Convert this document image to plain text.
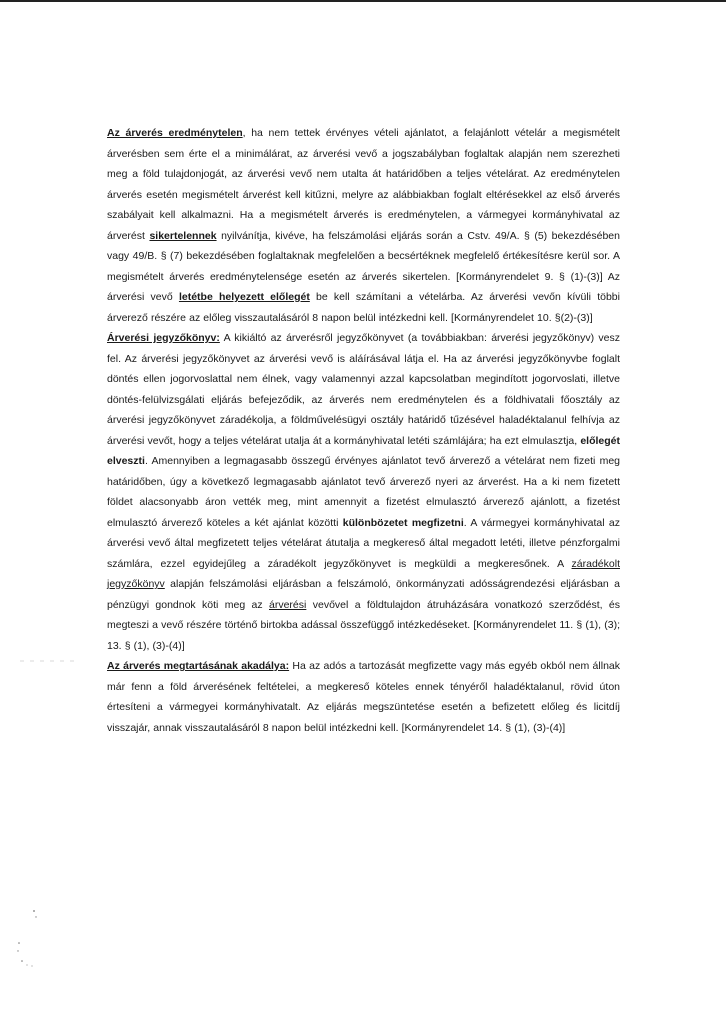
Az árverés eredménytelen, ha nem tettek érvényes vételi ajánlatot, a felajánlott vételár a megismételt árverésben sem érte el a minimálárat, az árverési vevő a jogszabályban foglaltak alapján nem szerezheti meg a föld tulajdonjogát, az árverési vevő nem utalta át határidőben a teljes vételárat. Az eredménytelen árverés esetén megismételt árverést kell kitűzni, melyre az alábbiakban foglalt eltérésekkel az első árverés szabályait kell alkalmazni. Ha a megismételt árverés is eredménytelen, a vármegyei kormányhivatal az árverést sikertelennek nyilvánítja, kivéve, ha felszámolási eljárás során a Cstv. 49/A. § (5) bekezdésében vagy 49/B. § (7) bekezdésében foglaltaknak megfelelően a becsértéknek megfelelő értékesítésre kerül sor. A megismételt árverés eredménytelensége esetén az árverés sikertelen. [Kormányrendelet 9. § (1)-(3)] Az árverési vevő letétbe helyezett előlegét be kell számítani a vételárba. Az árverési vevőn kívüli többi árverező részére az előleg visszautalásáról 8 napon belül intézkedni kell. [Kormányrendelet 10. §(2)-(3)]

Árverési jegyzőkönyv: A kikiáltó az árverésről jegyzőkönyvet (a továbbiakban: árverési jegyzőkönyv) vesz fel. Az árverési jegyzőkönyvet az árverési vevő is aláírásával látja el. Ha az árverési jegyzőkönyvbe foglalt döntés ellen jogorvoslattal nem élnek, vagy valamennyi azzal kapcsolatban megindított jogorvoslati, illetve döntés-felülvizsgálati eljárás befejeződik, az árverés nem eredménytelen és a földhivatali főosztály az árverési jegyzőkönyvet záradékolja, a földművelésügyi osztály határidő tűzésével haladéktalanul felhívja az árverési vevőt, hogy a teljes vételárat utalja át a kormányhivatal letéti számlájára; ha ezt elmulasztja, előlegét elveszti. Amennyiben a legmagasabb összegű érvényes ajánlatot tevő árverező a vételárat nem fizeti meg határidőben, úgy a következő legmagasabb ajánlatot tevő árverező nyeri az árverést. Ha a ki nem fizetett földet alacsonyabb áron vették meg, mint amennyit a fizetést elmulasztó árverező ajánlott, a fizetést elmulasztó árverező köteles a két ajánlat közötti különbözetet megfizetni. A vármegyei kormányhivatal az árverési vevő által megfizetett teljes vételárat átutalja a megkereső által megadott letéti, illetve pénzforgalmi számlára, ezzel egyidejűleg a záradékolt jegyzőkönyvet is megküldi a megkeresőnek. A záradékolt jegyzőkönyv alapján felszámolási eljárásban a felszámoló, önkormányzati adósságrendezési eljárásban a pénzügyi gondnok köti meg az árverési vevővel a földtulajdon átruházására vonatkozó szerződést, és megteszi a vevő részére történő birtokba adással összefüggő intézkedéseket. [Kormányrendelet 11. § (1), (3); 13. § (1), (3)-(4)]

Az árverés megtartásának akadálya: Ha az adós a tartozását megfizette vagy más egyéb okból nem állnak már fenn a föld árverésének feltételei, a megkereső köteles ennek tényéről haladéktalanul, rövid úton értesíteni a vármegyei kormányhivatalt. Az eljárás megszüntetése esetén a befizetett előleg és licitdíj visszajár, annak visszautalásáról 8 napon belül intézkedni kell. [Kormányrendelet 14. § (1), (3)-(4)]
